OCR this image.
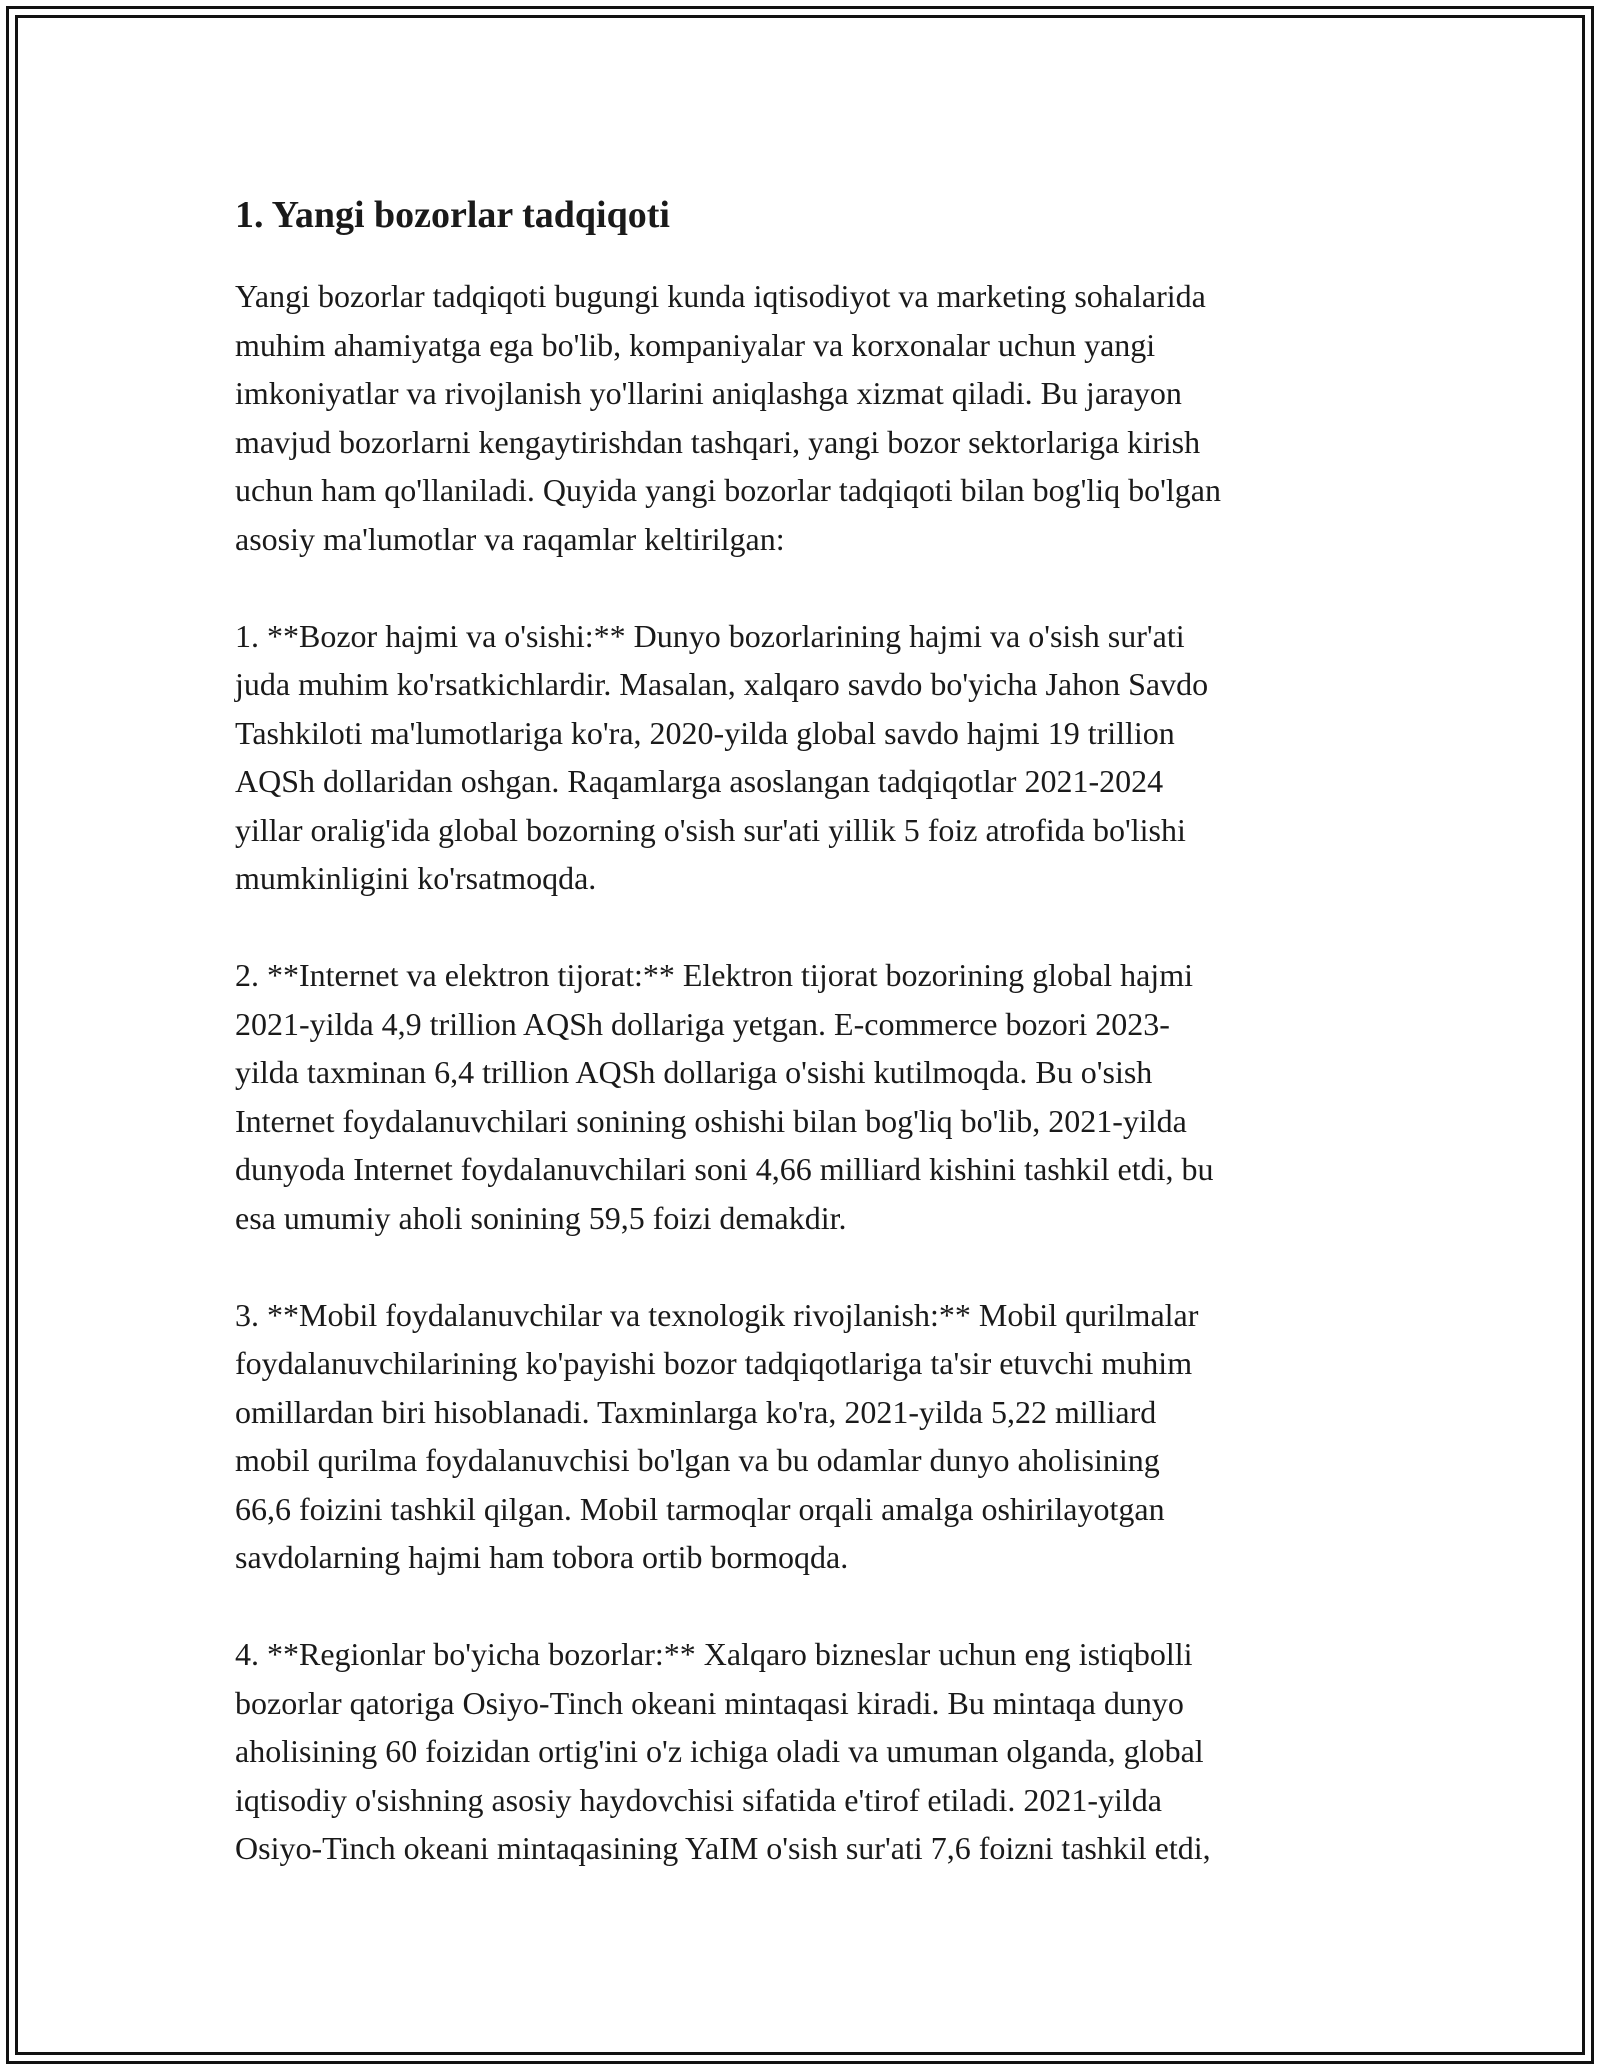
1. Yangi bozorlar tadqiqoti

Yangi bozorlar tadqiqoti bugungi kunda iqtisodiyot va marketing sohalarida
muhim ahamiyatga ega bo'lib, kompaniyalar va korxonalar uchun yangi
imkoniyatlar va rivojlanish yo'llarini aniqlashga xizmat qiladi. Bu jarayon
mavjud bozorlarni kengaytirishdan tashqari, yangi bozor sektorlariga kirish
uchun ham qo'llaniladi. Quyida yangi bozorlar tadqiqoti bilan bog'liq bo'lgan
asosiy ma'lumotlar va raqamlar keltirilgan:

1. **Bozor hajmi va o'sishi:** Dunyo bozorlarining hajmi va o'sish sur'ati
juda muhim ko'rsatkichlardir. Masalan, xalqaro savdo bo'yicha Jahon Savdo
Tashkiloti ma'lumotlariga ko'ra, 2020-yilda global savdo hajmi 19 trillion
AQSh dollaridan oshgan. Raqamlarga asoslangan tadqiqotlar 2021-2024
yillar oralig'ida global bozorning o'sish sur'ati yillik 5 foiz atrofida bo'lishi
mumkinligini ko'rsatmoqda.

2. **Internet va elektron tijorat:** Elektron tijorat bozorining global hajmi
2021-yilda 4,9 trillion AQSh dollariga yetgan. E-commerce bozori 2023-
yilda taxminan 6,4 trillion AQSh dollariga o'sishi kutilmoqda. Bu o'sish
Internet foydalanuvchilari sonining oshishi bilan bog'liq bo'lib, 2021-yilda
dunyoda Internet foydalanuvchilari soni 4,66 milliard kishini tashkil etdi, bu
esa umumiy aholi sonining 59,5 foizi demakdir.

3. **Mobil foydalanuvchilar va texnologik rivojlanish:** Mobil qurilmalar
foydalanuvchilarining ko'payishi bozor tadqiqotlariga ta'sir etuvchi muhim
omillardan biri hisoblanadi. Taxminlarga ko'ra, 2021-yilda 5,22 milliard
mobil qurilma foydalanuvchisi bo'lgan va bu odamlar dunyo aholisining
66,6 foizini tashkil qilgan. Mobil tarmoqlar orqali amalga oshirilayotgan
savdolarning hajmi ham tobora ortib bormoqda.

4. **Regionlar bo'yicha bozorlar:** Xalqaro bizneslar uchun eng istiqbolli
bozorlar qatoriga Osiyo-Tinch okeani mintaqasi kiradi. Bu mintaqa dunyo
aholisining 60 foizidan ortig'ini o'z ichiga oladi va umuman olganda, global
iqtisodiy o'sishning asosiy haydovchisi sifatida e'tirof etiladi. 2021-yilda
Osiyo-Tinch okeani mintaqasining YaIM o'sish sur'ati 7,6 foizni tashkil etdi,
